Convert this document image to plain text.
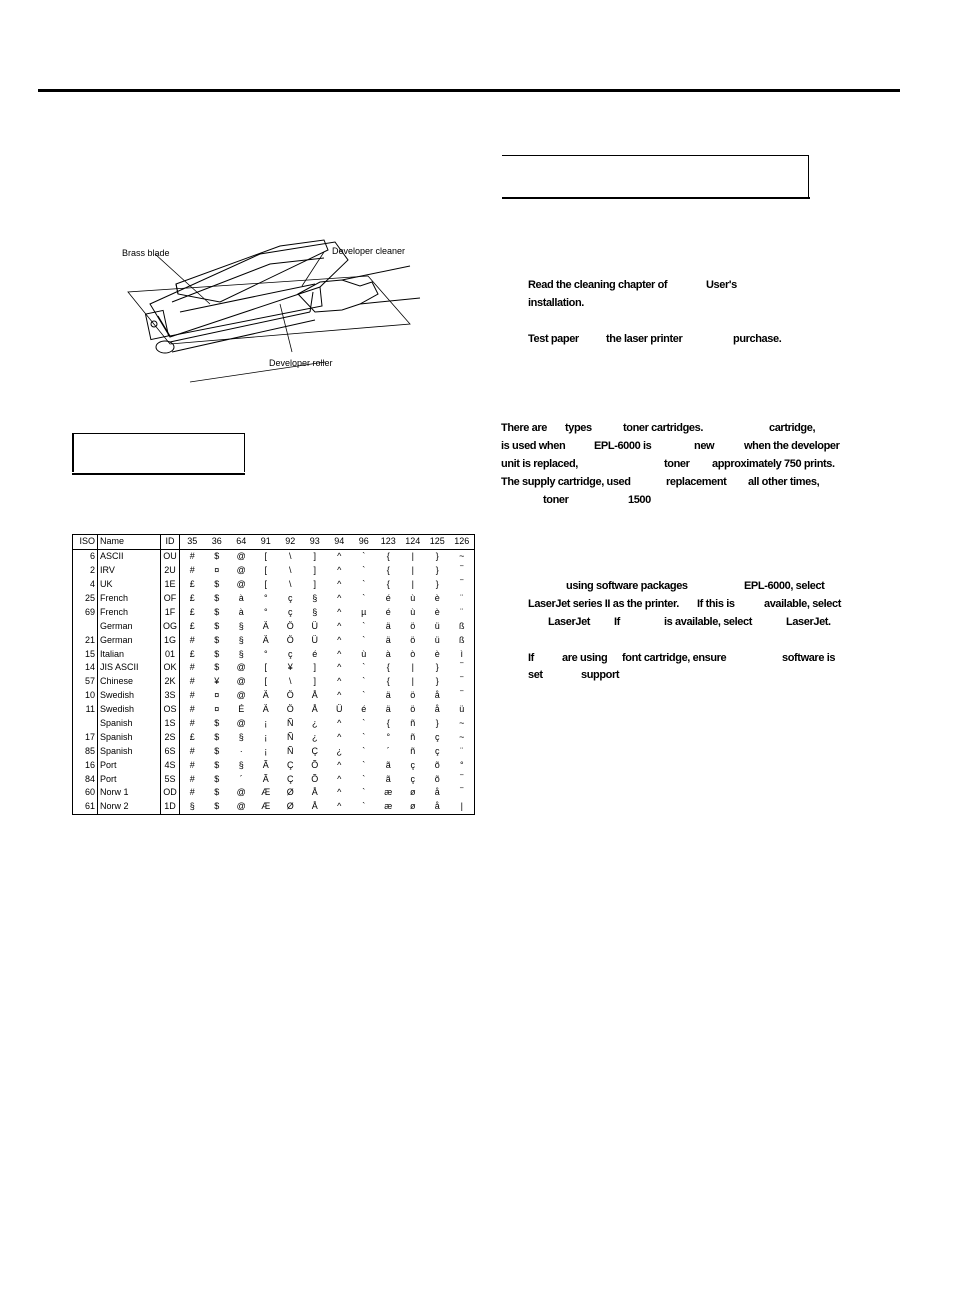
Brass blade	Developer cleaner
Developer roller
ISO	Name	ID	35	36	64	91	92	93	94	96	123	124	125	126
6	ASCII	OU	#	$	@	[	\	]	^	`	{	|	}	~
2	IRV	2U	#	¤	@	[	\	]	^	`	{	|	}	‾
4	UK	1E	£	$	@	[	\	]	^	`	{	|	}	‾
25	French	OF	£	$	à	°	ç	§	^	`	é	ù	è	¨
69	French	1F	£	$	à	°	ç	§	^	µ	é	ù	è	¨
	German	OG	£	$	§	Ä	Ö	Ü	^	`	ä	ö	ü	ß
21	German	1G	#	$	§	Ä	Ö	Ü	^	`	ä	ö	ü	ß
15	Italian	01	£	$	§	°	ç	é	^	ù	à	ò	è	ì
14	JIS ASCII	OK	#	$	@	[	¥	]	^	`	{	|	}	‾
57	Chinese	2K	#	¥	@	[	\	]	^	`	{	|	}	‾
10	Swedish	3S	#	¤	@	Ä	Ö	Å	^	`	ä	ö	å	‾
11	Swedish	OS	#	¤	É	Ä	Ö	Å	Ü	é	ä	ö	å	ü
	Spanish	1S	#	$	@	¡	Ñ	¿	^	`	{	ñ	}	~
17	Spanish	2S	£	$	§	¡	Ñ	¿	^	`	°	ñ	ç	~
85	Spanish	6S	#	$	·	¡	Ñ	Ç	¿	`	´	ñ	ç	¨
16	Port	4S	#	$	§	Ã	Ç	Õ	^	`	ã	ç	õ	°
84	Port	5S	#	$	´	Ã	Ç	Õ	^	`	ã	ç	õ	‾
60	Norw 1	OD	#	$	@	Æ	Ø	Å	^	`	æ	ø	å	‾
61	Norw 2	1D	§	$	@	Æ	Ø	Å	^	`	æ	ø	å	|
Read the cleaning chapter of	User's
installation.
Test paper the laser printer	purchase.
There are types	toner cartridges.	cartridge,
is used when	EPL-6000 is	new	when the developer
unit is replaced,	toner approximately 750 prints.
The supply cartridge, used	replacement all other times,
toner	1500
using software packages	EPL-6000, select
LaserJet series II as the printer. If this is	available, select
LaserJet If	is available, select	LaserJet.
If	are using font cartridge, ensure	software is
set	support
